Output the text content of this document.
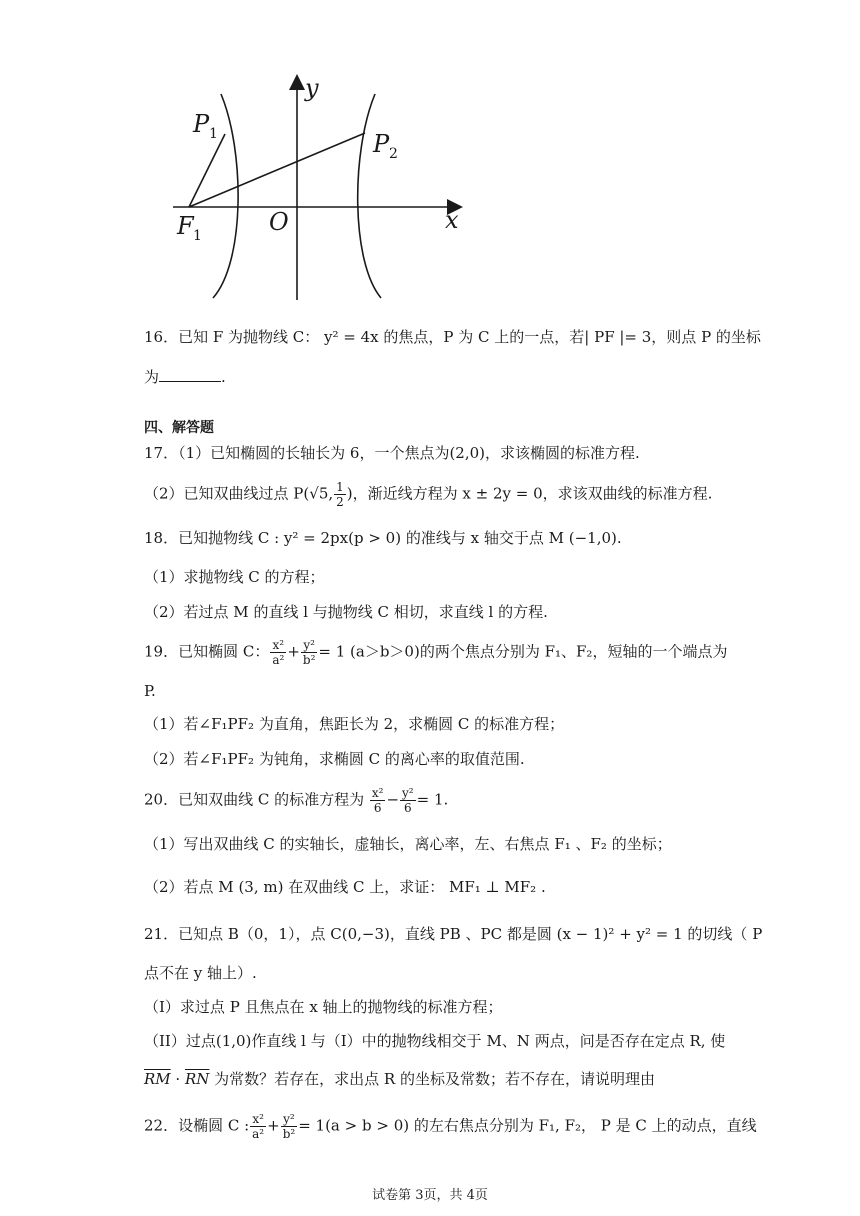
y
x
O
P 1	P 2
F 1
16．已知 F 为抛物线 C： y² = 4x 的焦点，P 为 C 上的一点，若| PF |= 3，则点 P 的坐标
为	.
四、解答题
17．（1）已知椭圆的长轴长为 6，一个焦点为(2,0)，求该椭圆的标准方程.
（2）已知双曲线过点 P(√5, $\frac{1}{2}$ )，渐近线方程为 x ± 2y = 0，求该双曲线的标准方程.
18．已知抛物线 C : y² = 2px(p > 0) 的准线与 x 轴交于点 M (−1,0).
（1）求抛物线 C 的方程；
（2）若过点 M 的直线 l 与抛物线 C 相切，求直线 l 的方程.
19．已知椭圆 C： $\frac{\text{x²}}{\text{a²}} + \frac{\text{y²}}{\text{b²}} = 1$ (a＞b＞0)的两个焦点分别为 F₁、F₂，短轴的一个端点为
P.
（1）若∠F₁PF₂ 为直角，焦距长为 2，求椭圆 C 的标准方程；
（2）若∠F₁PF₂ 为钝角，求椭圆 C 的离心率的取值范围.
20．已知双曲线 C 的标准方程为 $\frac{\text{x²}}{6} - \frac{\text{y²}}{6} = 1$.
（1）写出双曲线 C 的实轴长，虚轴长，离心率，左、右焦点 F₁ 、F₂ 的坐标；
（2）若点 M (3, m) 在双曲线 C 上，求证： MF₁ ⊥ MF₂ .
21．已知点 B（0，1），点 C(0,−3)，直线 PB 、PC 都是圆 (x − 1)² + y² = 1 的切线（ P
点不在 y 轴上）.
（I）求过点 P 且焦点在 x 轴上的抛物线的标准方程；
（II）过点(1,0)作直线 l 与（I）中的抛物线相交于 M、N 两点，问是否存在定点 R, 使
$\overline{RM} \cdot \overline{RN}$ 为常数？若存在，求出点 R 的坐标及常数；若不存在，请说明理由
22．设椭圆 C : $\frac{\text{x²}}{\text{a²}} + \frac{\text{y²}}{\text{b²}} = 1(a > b > 0)$ 的左右焦点分别为 F₁, F₂， P 是 C 上的动点，直线
试卷第 3页，共 4页
